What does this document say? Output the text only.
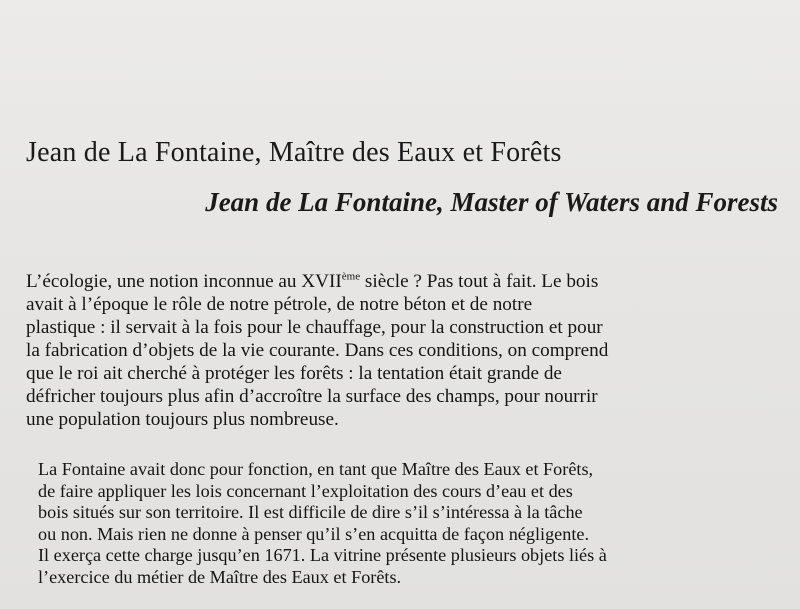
Jean de La Fontaine, Maître des Eaux et Forêts
Jean de La Fontaine, Master of Waters and Forests

L’écologie, une notion inconnue au XVIIème siècle ? Pas tout à fait. Le bois
avait à l’époque le rôle de notre pétrole, de notre béton et de notre
plastique : il servait à la fois pour le chauffage, pour la construction et pour
la fabrication d’objets de la vie courante. Dans ces conditions, on comprend
que le roi ait cherché à protéger les forêts : la tentation était grande de
défricher toujours plus afin d’accroître la surface des champs, pour nourrir
une population toujours plus nombreuse.

La Fontaine avait donc pour fonction, en tant que Maître des Eaux et Forêts,
de faire appliquer les lois concernant l’exploitation des cours d’eau et des
bois situés sur son territoire. Il est difficile de dire s’il s’intéressa à la tâche
ou non. Mais rien ne donne à penser qu’il s’en acquitta de façon négligente.
Il exerça cette charge jusqu’en 1671. La vitrine présente plusieurs objets liés à
l’exercice du métier de Maître des Eaux et Forêts.
